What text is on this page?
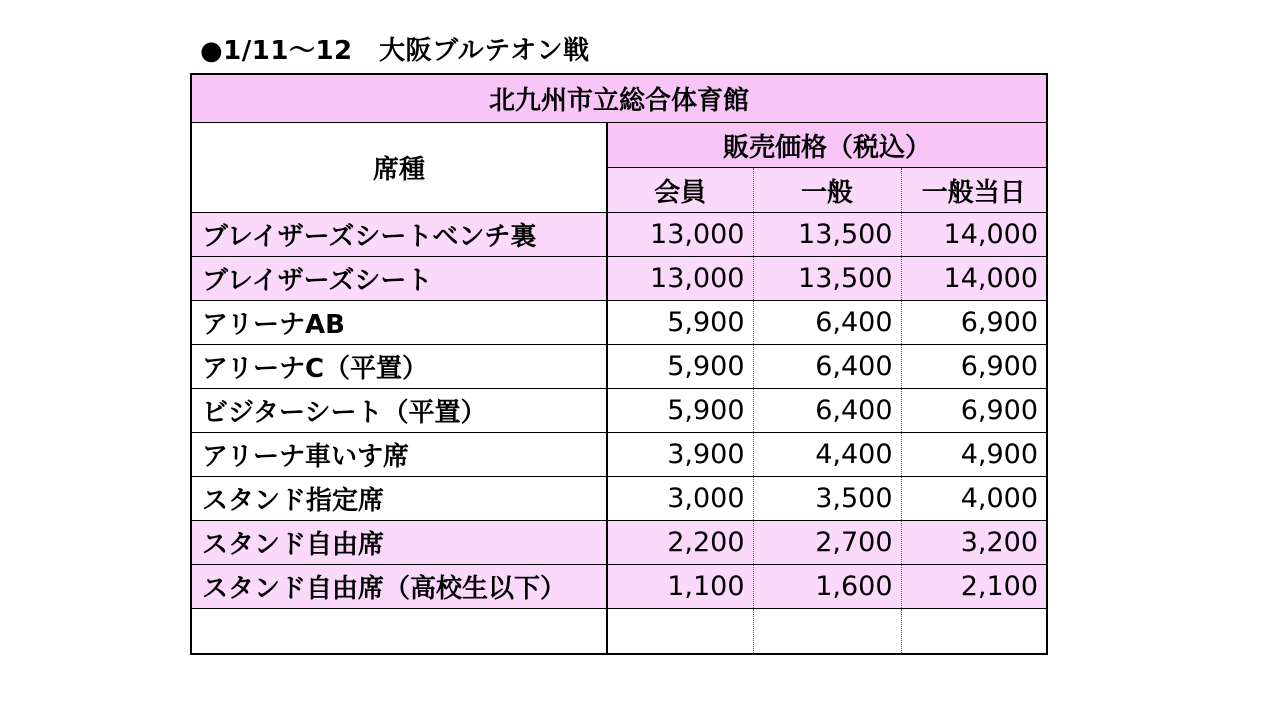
●1/11～12　大阪ブルテオン戦
北九州市立総合体育館			
席種	販売価格（税込）		
	会員	一般	一般当日
ブレイザーズシートベンチ裏	13,000	13,500	14,000
ブレイザーズシート	13,000	13,500	14,000
アリーナAB	5,900	6,400	6,900
アリーナC（平置）	5,900	6,400	6,900
ビジターシート（平置）	5,900	6,400	6,900
アリーナ車いす席	3,900	4,400	4,900
スタンド指定席	3,000	3,500	4,000
スタンド自由席	2,200	2,700	3,200
スタンド自由席（高校生以下）	1,100	1,600	2,100
